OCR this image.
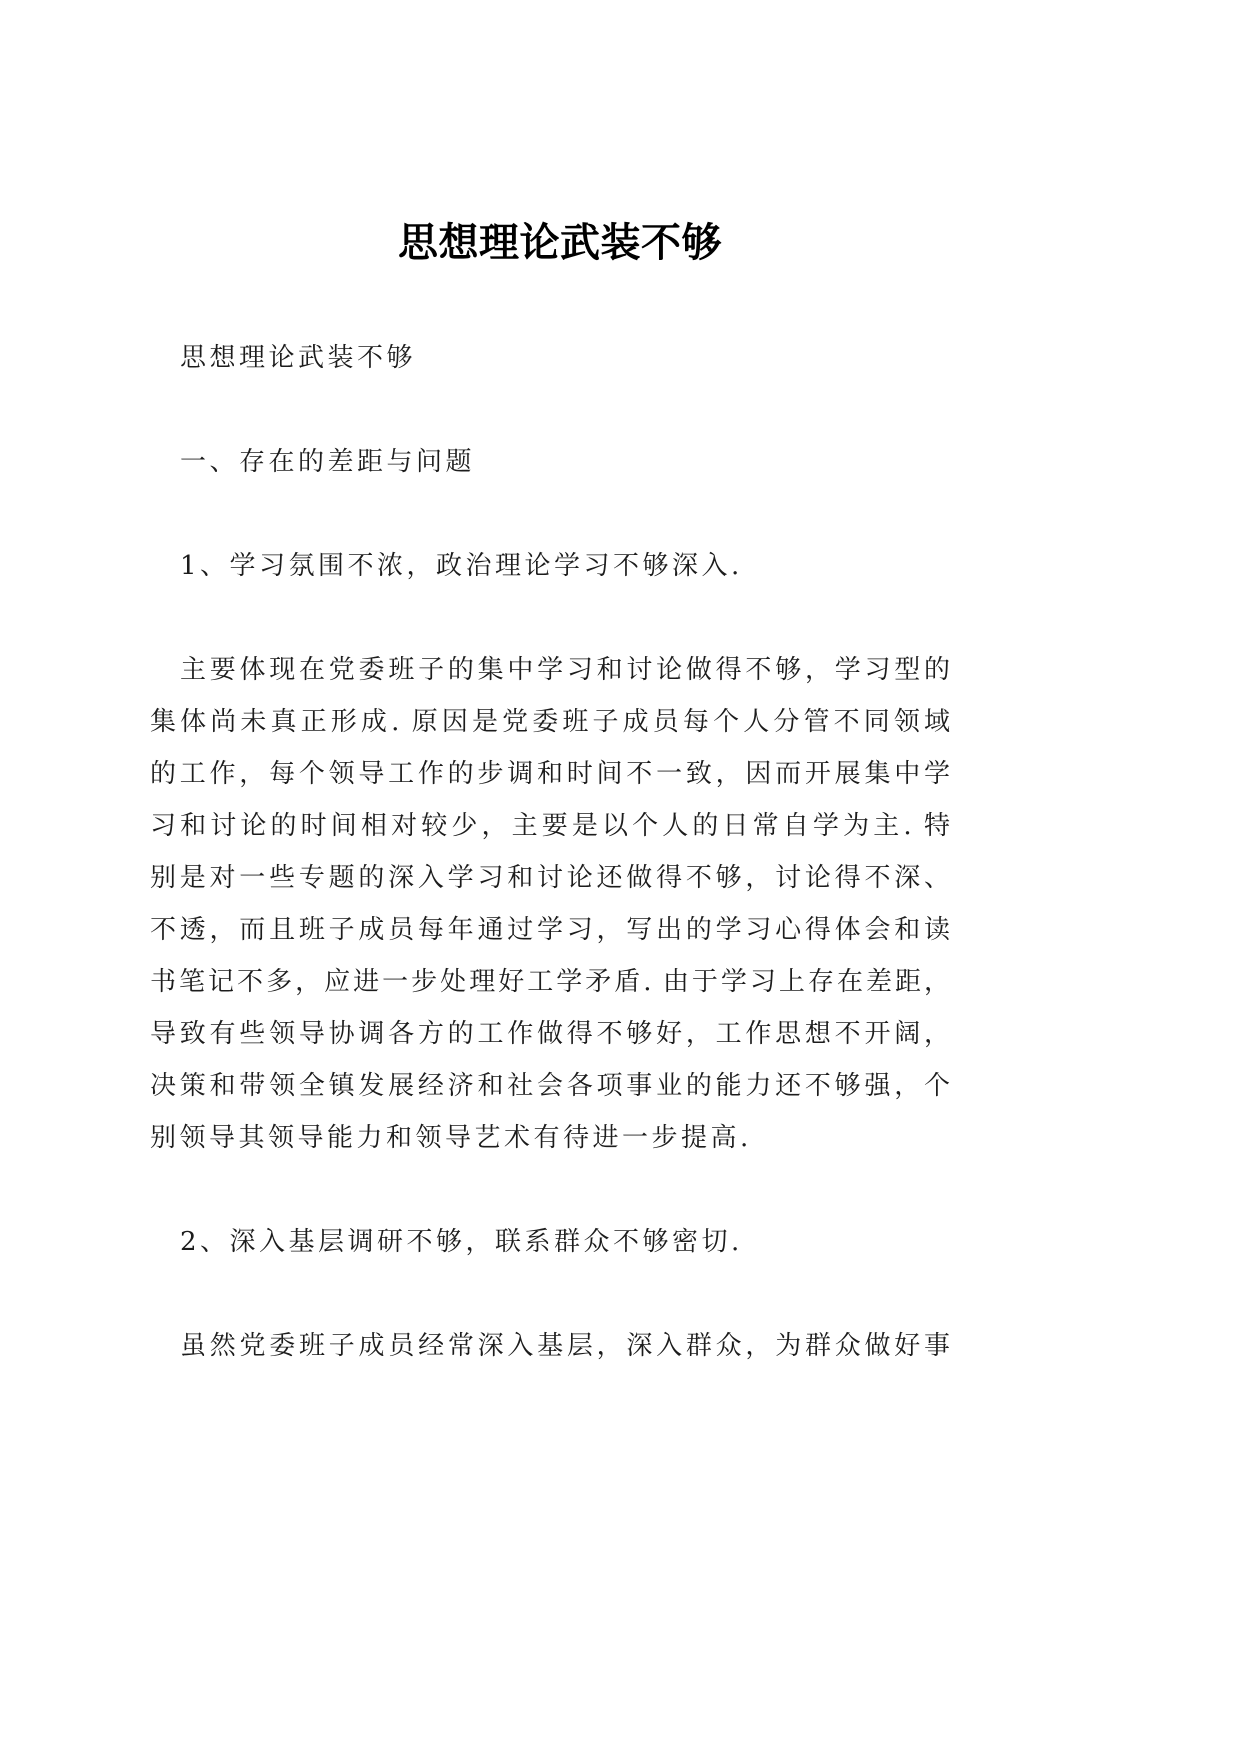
思想理论武装不够
思想理论武装不够
一、存在的差距与问题
1、学习氛围不浓，政治理论学习不够深入.
主要体现在党委班子的集中学习和讨论做得不够，学习型的
集体尚未真正形成. 原因是党委班子成员每个人分管不同领域
的工作，每个领导工作的步调和时间不一致，因而开展集中学
习和讨论的时间相对较少，主要是以个人的日常自学为主. 特
别是对一些专题的深入学习和讨论还做得不够，讨论得不深、
不透，而且班子成员每年通过学习，写出的学习心得体会和读
书笔记不多，应进一步处理好工学矛盾. 由于学习上存在差距，
导致有些领导协调各方的工作做得不够好，工作思想不开阔，
决策和带领全镇发展经济和社会各项事业的能力还不够强，个
别领导其领导能力和领导艺术有待进一步提高.
2、深入基层调研不够，联系群众不够密切.
虽然党委班子成员经常深入基层，深入群众，为群众做好事
